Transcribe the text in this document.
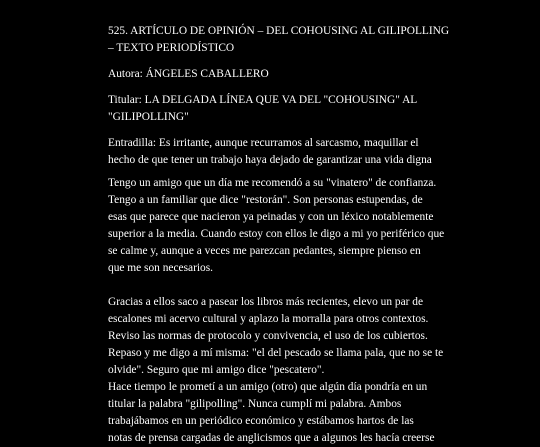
525. ARTÍCULO DE OPINIÓN – DEL COHOUSING AL GILIPOLLING
– TEXTO PERIODÍSTICO
Autora: ÁNGELES CABALLERO
Titular: LA DELGADA LÍNEA QUE VA DEL "COHOUSING" AL
"GILIPOLLING"
Entradilla: Es irritante, aunque recurramos al sarcasmo, maquillar el
hecho de que tener un trabajo haya dejado de garantizar una vida digna
Tengo un amigo que un día me recomendó a su "vinatero" de confianza.
Tengo a un familiar que dice "restorán". Son personas estupendas, de
esas que parece que nacieron ya peinadas y con un léxico notablemente
superior a la media. Cuando estoy con ellos le digo a mi yo periférico que
se calme y, aunque a veces me parezcan pedantes, siempre pienso en
que me son necesarios.
Gracias a ellos saco a pasear los libros más recientes, elevo un par de
escalones mi acervo cultural y aplazo la morralla para otros contextos.
Reviso las normas de protocolo y convivencia, el uso de los cubiertos.
Repaso y me digo a mí misma: "el del pescado se llama pala, que no se te
olvide". Seguro que mi amigo dice "pescatero".
Hace tiempo le prometí a un amigo (otro) que algún día pondría en un
titular la palabra "gilipolling". Nunca cumplí mi palabra. Ambos
trabajábamos en un periódico económico y estábamos hartos de las
notas de prensa cargadas de anglicismos que a algunos les hacía creerse
